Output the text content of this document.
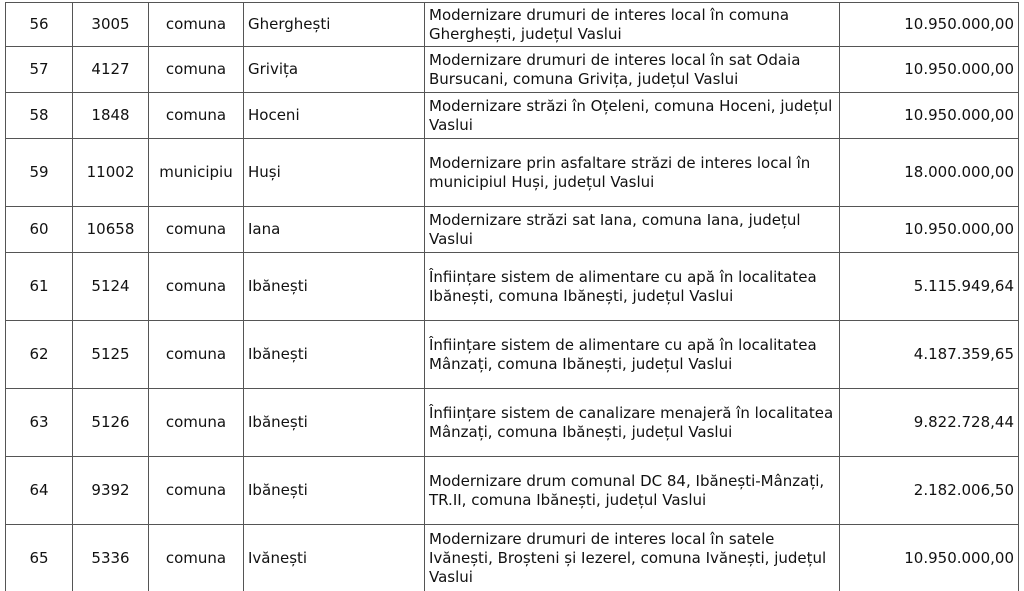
56	3005	comuna	Gherghești	Modernizare drumuri de interes local în comuna Gherghești, județul Vaslui	10.950.000,00
57	4127	comuna	Grivița	Modernizare drumuri de interes local în sat Odaia Bursucani, comuna Grivița, județul Vaslui	10.950.000,00
58	1848	comuna	Hoceni	Modernizare străzi în Oțeleni, comuna Hoceni, județul Vaslui	10.950.000,00
59	11002	municipiu	Huși	Modernizare prin asfaltare străzi de interes local în municipiul Huși, județul Vaslui	18.000.000,00
60	10658	comuna	Iana	Modernizare străzi sat Iana, comuna Iana, județul Vaslui	10.950.000,00
61	5124	comuna	Ibănești	Înființare sistem de alimentare cu apă în localitatea Ibănești, comuna Ibănești, județul Vaslui	5.115.949,64
62	5125	comuna	Ibănești	Înființare sistem de alimentare cu apă în localitatea Mânzați, comuna Ibănești, județul Vaslui	4.187.359,65
63	5126	comuna	Ibănești	Înființare sistem de canalizare menajeră în localitatea Mânzați, comuna Ibănești, județul Vaslui	9.822.728,44
64	9392	comuna	Ibănești	Modernizare drum comunal DC 84, Ibănești-Mânzați, TR.II, comuna Ibănești, județul Vaslui	2.182.006,50
65	5336	comuna	Ivănești	Modernizare drumuri de interes local în satele Ivănești, Broșteni și Iezerel, comuna Ivănești, județul Vaslui	10.950.000,00
